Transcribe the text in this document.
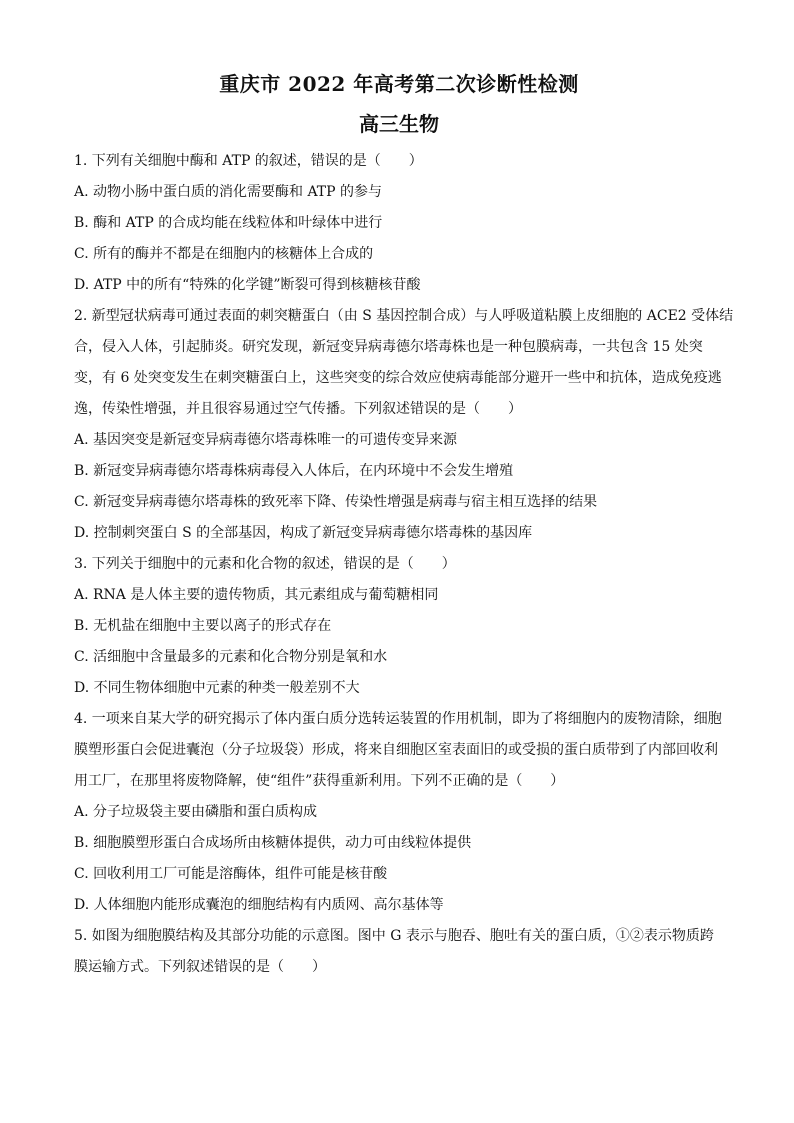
重庆市 2022 年高考第二次诊断性检测
高三生物

1. 下列有关细胞中酶和 ATP 的叙述，错误的是（　　）

A. 动物小肠中蛋白质的消化需要酶和 ATP 的参与

B. 酶和 ATP 的合成均能在线粒体和叶绿体中进行

C. 所有的酶并不都是在细胞内的核糖体上合成的

D. ATP 中的所有“特殊的化学键”断裂可得到核糖核苷酸

2. 新型冠状病毒可通过表面的刺突糖蛋白（由 S 基因控制合成）与人呼吸道粘膜上皮细胞的 ACE2 受体结

合，侵入人体，引起肺炎。研究发现，新冠变异病毒德尔塔毒株也是一种包膜病毒，一共包含 15 处突

变，有 6 处突变发生在刺突糖蛋白上，这些突变的综合效应使病毒能部分避开一些中和抗体，造成免疫逃

逸，传染性增强，并且很容易通过空气传播。下列叙述错误的是（　　）

A. 基因突变是新冠变异病毒德尔塔毒株唯一的可遗传变异来源

B. 新冠变异病毒德尔塔毒株病毒侵入人体后，在内环境中不会发生增殖

C. 新冠变异病毒德尔塔毒株的致死率下降、传染性增强是病毒与宿主相互选择的结果

D. 控制刺突蛋白 S 的全部基因，构成了新冠变异病毒德尔塔毒株的基因库

3. 下列关于细胞中的元素和化合物的叙述，错误的是（　　）

A. RNA 是人体主要的遗传物质，其元素组成与葡萄糖相同

B. 无机盐在细胞中主要以离子的形式存在

C. 活细胞中含量最多的元素和化合物分别是氧和水

D. 不同生物体细胞中元素的种类一般差别不大

4. 一项来自某大学的研究揭示了体内蛋白质分选转运装置的作用机制，即为了将细胞内的废物清除，细胞

膜塑形蛋白会促进囊泡（分子垃圾袋）形成，将来自细胞区室表面旧的或受损的蛋白质带到了内部回收利

用工厂，在那里将废物降解，使“组件”获得重新利用。下列不正确的是（　　）

A. 分子垃圾袋主要由磷脂和蛋白质构成

B. 细胞膜塑形蛋白合成场所由核糖体提供，动力可由线粒体提供

C. 回收利用工厂可能是溶酶体，组件可能是核苷酸

D. 人体细胞内能形成囊泡的细胞结构有内质网、高尔基体等

5. 如图为细胞膜结构及其部分功能的示意图。图中 G 表示与胞吞、胞吐有关的蛋白质，①②表示物质跨

膜运输方式。下列叙述错误的是（　　）
